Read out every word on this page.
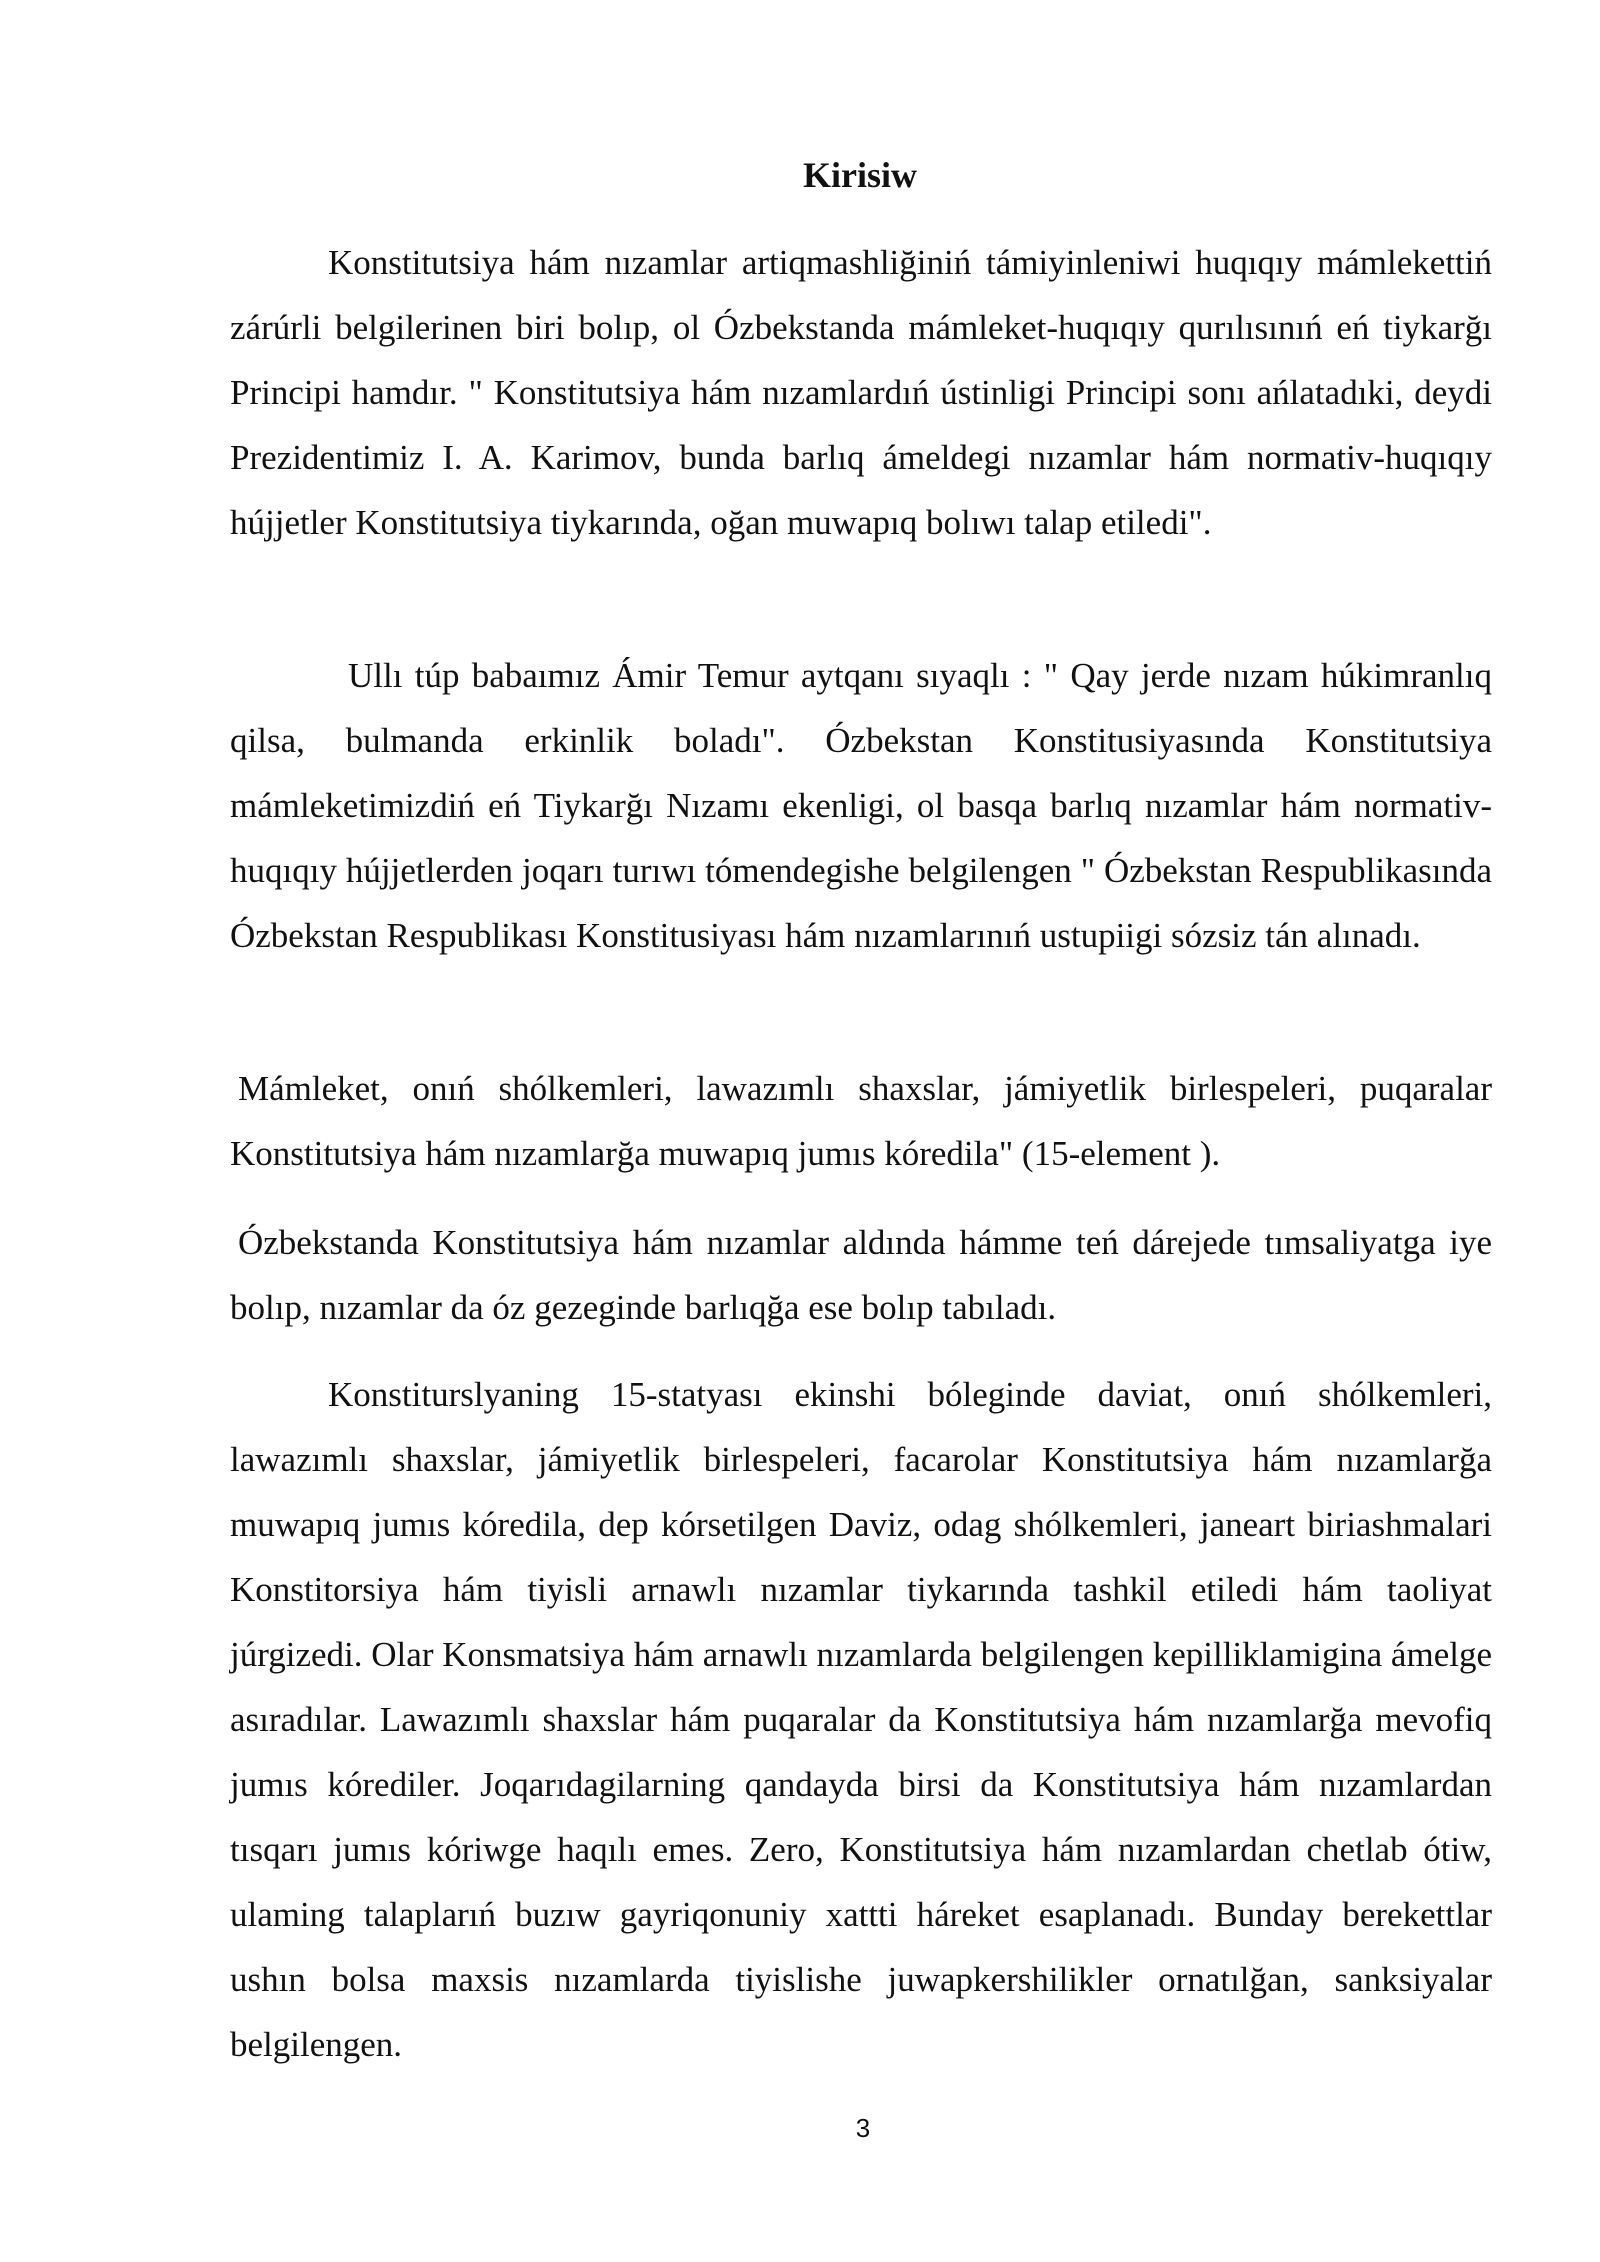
Kirisiw

Konstitutsiya hám nızamlar artiqmashliğiniń támiyinleniwi huqıqıy mámlekettiń zárúrli belgilerinen biri bolıp, ol Ózbekstanda mámleket-huqıqıy qurılısınıń eń tiykarğı Principi hamdır. " Konstitutsiya hám nızamlardıń ústinligi Principi sonı ańlatadıki, deydi Prezidentimiz I. A. Karimov, bunda barlıq ámeldegi nızamlar hám normativ-huqıqıy hújjetler Konstitutsiya tiykarında, oğan muwapıq bolıwı talap etiledi".

Ullı túp babaımız Ámir Temur aytqanı sıyaqlı : " Qay jerde nızam húkimranlıq qilsa, bulmanda erkinlik boladı". Ózbekstan Konstitusiyasında Konstitutsiya mámleketimizdiń eń Tiykarğı Nızamı ekenligi, ol basqa barlıq nızamlar hám normativ-huqıqıy hújjetlerden joqarı turıwı tómendegishe belgilengen " Ózbekstan Respublikasında Ózbekstan Respublikası Konstitusiyası hám nızamlarınıń ustupiigi sózsiz tán alınadı.

Mámleket, onıń shólkemleri, lawazımlı shaxslar, jámiyetlik birlespeleri, puqaralar Konstitutsiya hám nızamlarğa muwapıq jumıs kóredila" (15-element ).

Ózbekstanda Konstitutsiya hám nızamlar aldında hámme teń dárejede tımsaliyatga iye bolıp, nızamlar da óz gezeginde barlıqğa ese bolıp tabıladı.

Konstiturslyaning 15-statyası ekinshi bóleginde daviat, onıń shólkemleri, lawazımlı shaxslar, jámiyetlik birlespeleri, facarolar Konstitutsiya hám nızamlarğa muwapıq jumıs kóredila, dep kórsetilgen Daviz, odag shólkemleri, janeart biriashmalari Konstitorsiya hám tiyisli arnawlı nızamlar tiykarında tashkil etiledi hám taoliyat júrgizedi. Olar Konsmatsiya hám arnawlı nızamlarda belgilengen kepilliklamigina ámelge asıradılar. Lawazımlı shaxslar hám puqaralar da Konstitutsiya hám nızamlarğa mevofiq jumıs kórediler. Joqarıdagilarning qandayda birsi da Konstitutsiya hám nızamlardan tısqarı jumıs kóriwge haqılı emes. Zero, Konstitutsiya hám nızamlardan chetlab ótiw, ulaming talaplarıń buzıw gayriqonuniy xattti háreket esaplanadı. Bunday berekettlar ushın bolsa maxsis nızamlarda tiyislishe juwapkershilikler ornatılğan, sanksiyalar belgilengen.

3
